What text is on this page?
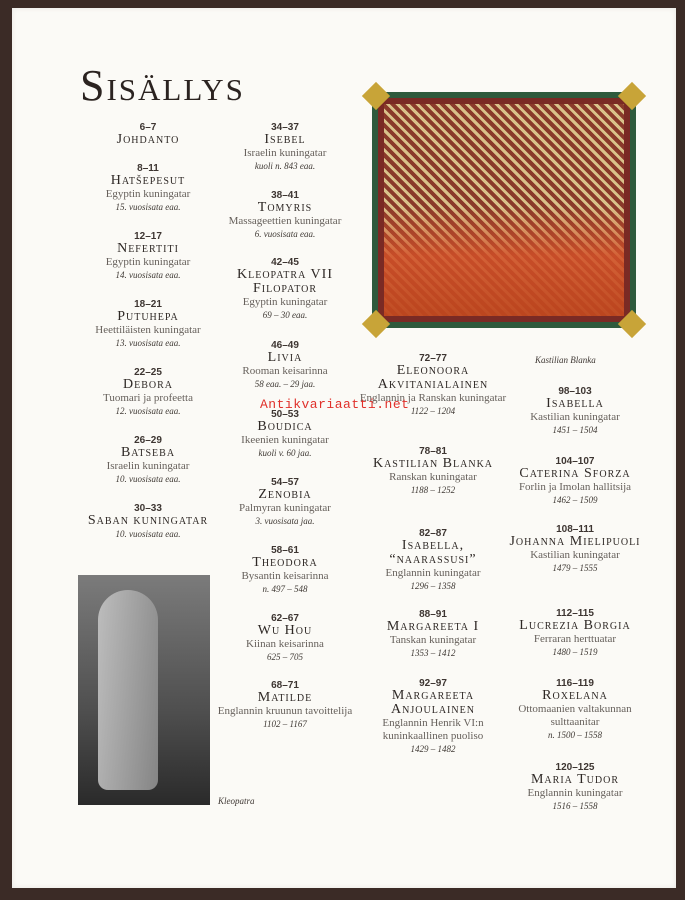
Sisällys
Kastilian Blanka
Kleopatra
6–7
Johdanto
8–11
Hatšepesut
Egyptin kuningatar
15. vuosisata eaa.
12–17
Nefertiti
Egyptin kuningatar
14. vuosisata eaa.
18–21
Putuhepa
Heettiläisten kuningatar
13. vuosisata eaa.
22–25
Debora
Tuomari ja profeetta
12. vuosisata eaa.
26–29
Batseba
Israelin kuningatar
10. vuosisata eaa.
30–33
Saban kuningatar
10. vuosisata eaa.
34–37
Isebel
Israelin kuningatar
kuoli n. 843 eaa.
38–41
Tomyris
Massageettien kuningatar
6. vuosisata eaa.
42–45
Kleopatra VII Filopator
Egyptin kuningatar
69 – 30 eaa.
46–49
Livia
Rooman keisarinna
58 eaa. – 29 jaa.
50–53
Boudica
Ikeenien kuningatar
kuoli v. 60 jaa.
54–57
Zenobia
Palmyran kuningatar
3. vuosisata jaa.
58–61
Theodora
Bysantin keisarinna
n. 497 – 548
62–67
Wu Hou
Kiinan keisarinna
625 – 705
68–71
Matilde
Englannin kruunun tavoittelija
1102 – 1167
72–77
Eleonoora Akvitanialainen
Englannin ja Ranskan kuningatar
1122 – 1204
78–81
Kastilian Blanka
Ranskan kuningatar
1188 – 1252
82–87
Isabella, “naarassusi”
Englannin kuningatar
1296 – 1358
88–91
Margareeta I
Tanskan kuningatar
1353 – 1412
92–97
Margareeta Anjoulainen
Englannin Henrik VI:n kuninkaallinen puoliso
1429 – 1482
98–103
Isabella
Kastilian kuningatar
1451 – 1504
104–107
Caterina Sforza
Forlin ja Imolan hallitsija
1462 – 1509
108–111
Johanna Mielipuoli
Kastilian kuningatar
1479 – 1555
112–115
Lucrezia Borgia
Ferraran herttuatar
1480 – 1519
116–119
Roxelana
Ottomaanien valtakunnan sulttaanitar
n. 1500 – 1558
120–125
Maria Tudor
Englannin kuningatar
1516 – 1558
Antikvariaatti.net
